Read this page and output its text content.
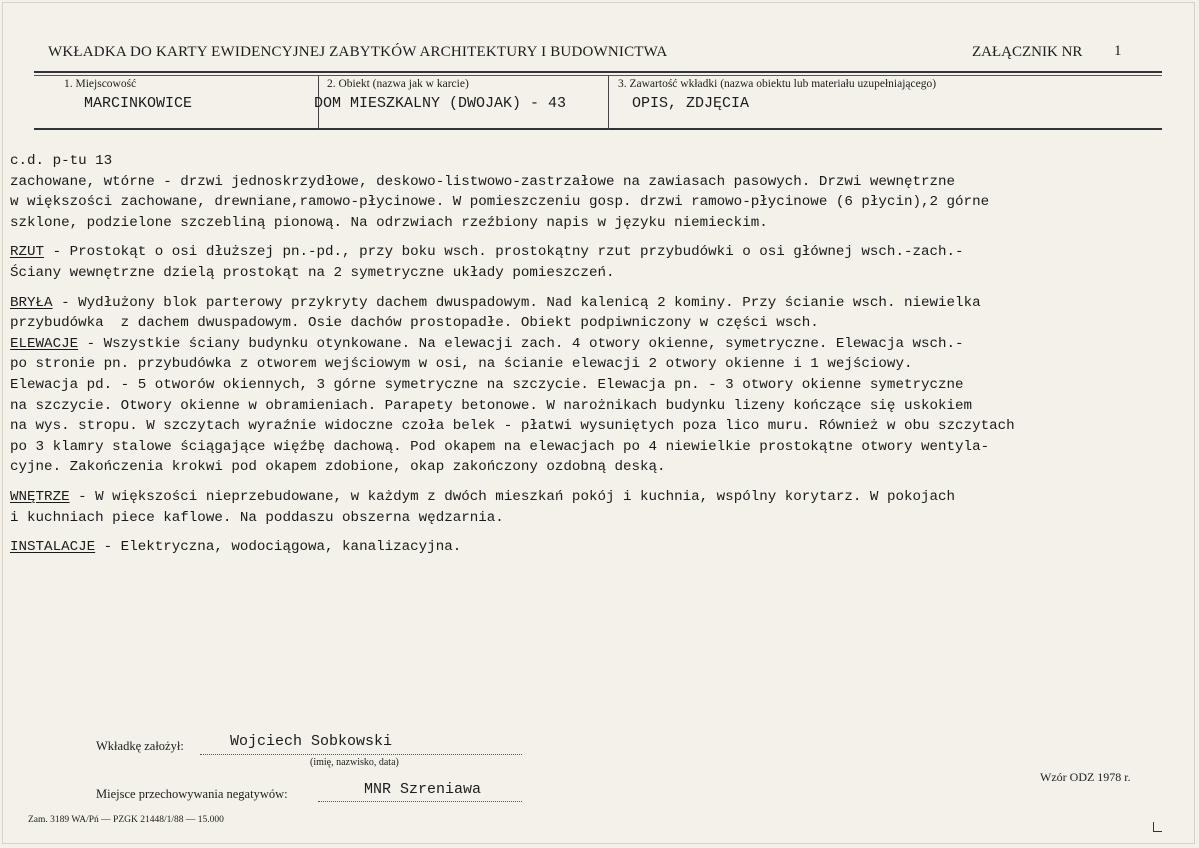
WKŁADKA DO KARTY EWIDENCYJNEJ ZABYTKÓW ARCHITEKTURY I BUDOWNICTWA	ZAŁĄCZNIK NR 1
1. Miejscowość
MARCINKOWICE
2. Obiekt (nazwa jak w karcie)
DOM MIESZKALNY (DWOJAK) - 43
3. Zawartość wkładki (nazwa obiektu lub materiału uzupełniającego)
OPIS, ZDJĘCIA

c.d. p-tu 13

zachowane, wtórne - drzwi jednoskrzydłowe, deskowo-listwowo-zastrzałowe na zawiasach pasowych. Drzwi wewnętrzne

w większości zachowane, drewniane,ramowo-płycinowe. W pomieszczeniu gosp. drzwi ramowo-płycinowe (6 płycin),2 górne

szklone, podzielone szczebliną pionową. Na odrzwiach rzeźbiony napis w języku niemieckim.

RZUT - Prostokąt o osi dłuższej pn.-pd., przy boku wsch. prostokątny rzut przybudówki o osi głównej wsch.-zach.-

Ściany wewnętrzne dzielą prostokąt na 2 symetryczne układy pomieszczeń.

BRYŁA - Wydłużony blok parterowy przykryty dachem dwuspadowym. Nad kalenicą 2 kominy. Przy ścianie wsch. niewielka

przybudówka  z dachem dwuspadowym. Osie dachów prostopadłe. Obiekt podpiwniczony w części wsch.

ELEWACJE - Wszystkie ściany budynku otynkowane. Na elewacji zach. 4 otwory okienne, symetryczne. Elewacja wsch.-

po stronie pn. przybudówka z otworem wejściowym w osi, na ścianie elewacji 2 otwory okienne i 1 wejściowy.

Elewacja pd. - 5 otworów okiennych, 3 górne symetryczne na szczycie. Elewacja pn. - 3 otwory okienne symetryczne

na szczycie. Otwory okienne w obramieniach. Parapety betonowe. W narożnikach budynku lizeny kończące się uskokiem

na wys. stropu. W szczytach wyraźnie widoczne czoła belek - płatwi wysuniętych poza lico muru. Również w obu szczytach

po 3 klamry stalowe ściągające więźbę dachową. Pod okapem na elewacjach po 4 niewielkie prostokątne otwory wentyla-

cyjne. Zakończenia krokwi pod okapem zdobione, okap zakończony ozdobną deską.

WNĘTRZE - W większości nieprzebudowane, w każdym z dwóch mieszkań pokój i kuchnia, wspólny korytarz. W pokojach

i kuchniach piece kaflowe. Na poddaszu obszerna wędzarnia.

INSTALACJE - Elektryczna, wodociągowa, kanalizacyjna.

Wkładkę założył:	Wojciech Sobkowski
(imię, nazwisko, data)
Miejsce przechowywania negatywów:	MNR Szreniawa
Wzór ODZ 1978 r.
Zam. 3189 WA/Pń — PZGK 21448/1/88 — 15.000
